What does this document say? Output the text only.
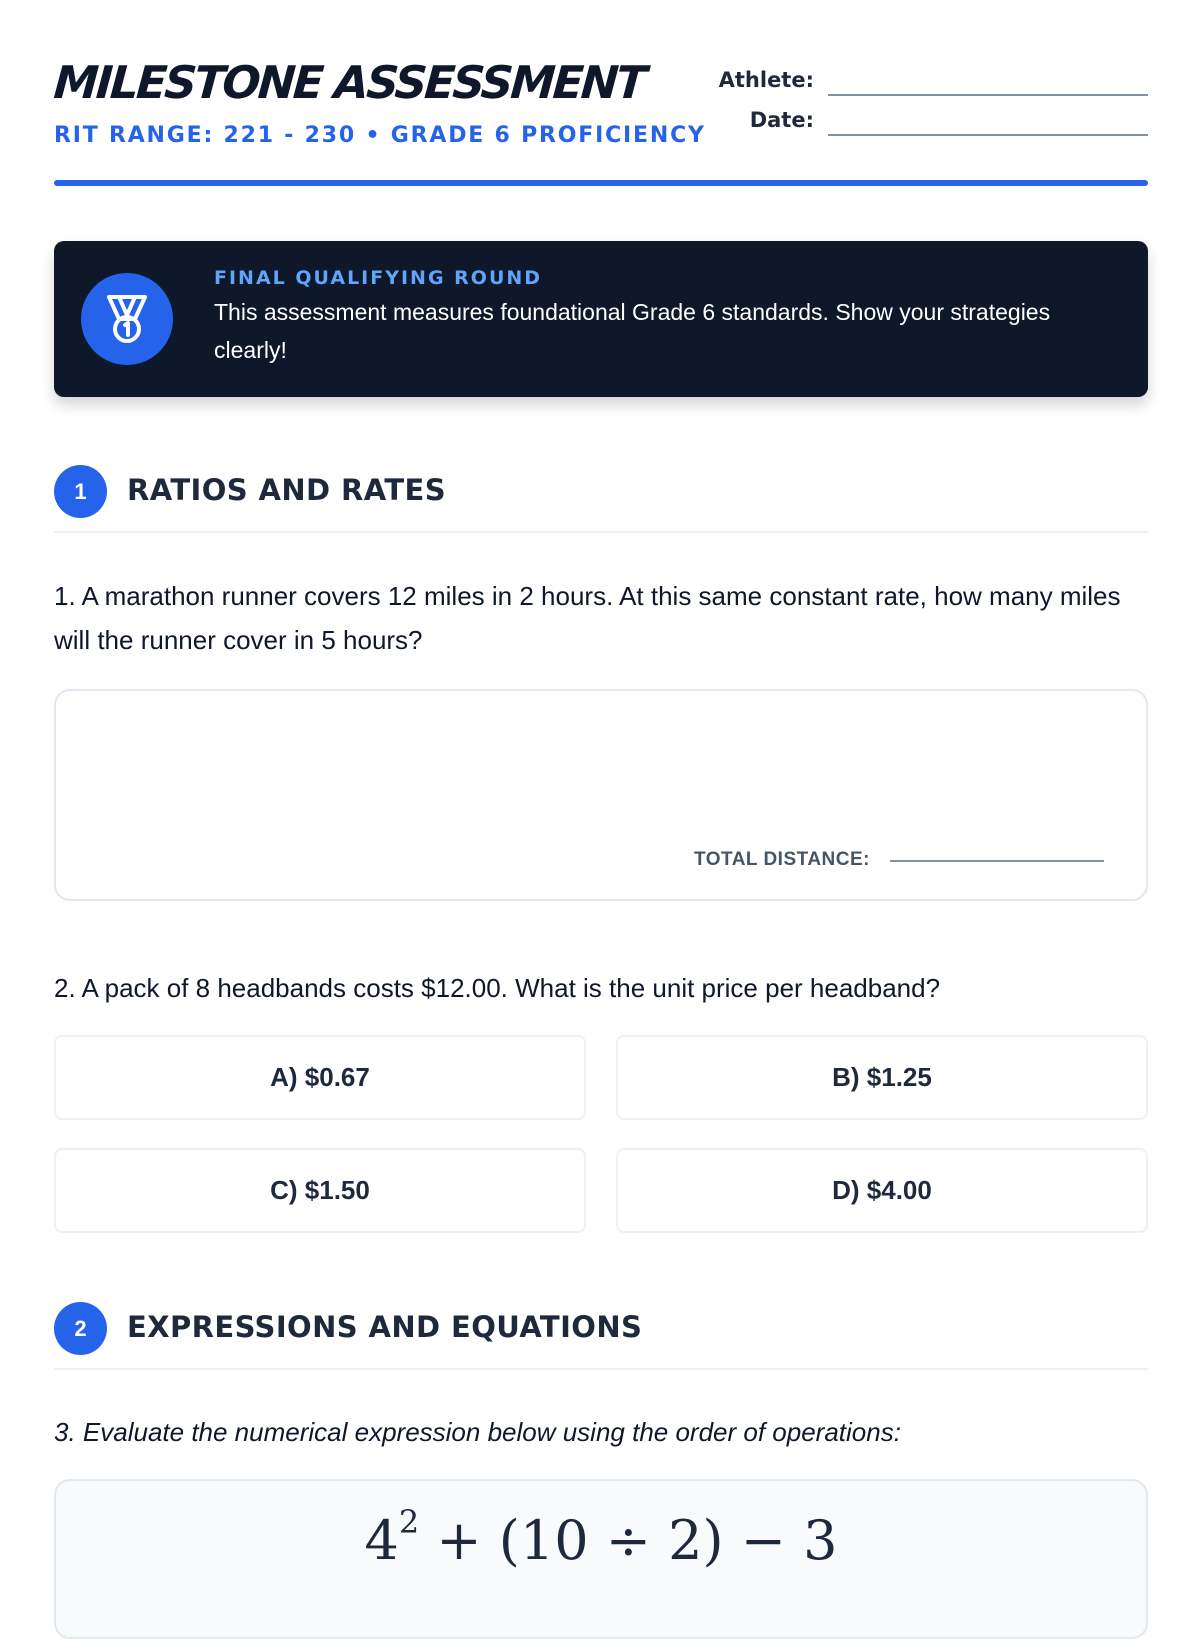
MILESTONE ASSESSMENT
RIT RANGE: 221 - 230 • GRADE 6 PROFICIENCY
Athlete:
Date:
FINAL QUALIFYING ROUND
This assessment measures foundational Grade 6 standards. Show your strategies clearly!
1	RATIOS AND RATES
1. A marathon runner covers 12 miles in 2 hours. At this same constant rate, how many miles will the runner cover in 5 hours?
TOTAL DISTANCE:
2. A pack of 8 headbands costs $12.00. What is the unit price per headband?
A) $0.67	B) $1.25
C) $1.50	D) $4.00
2	EXPRESSIONS AND EQUATIONS
3. Evaluate the numerical expression below using the order of operations:
$4^2 + (10 \div 2) - 3$
